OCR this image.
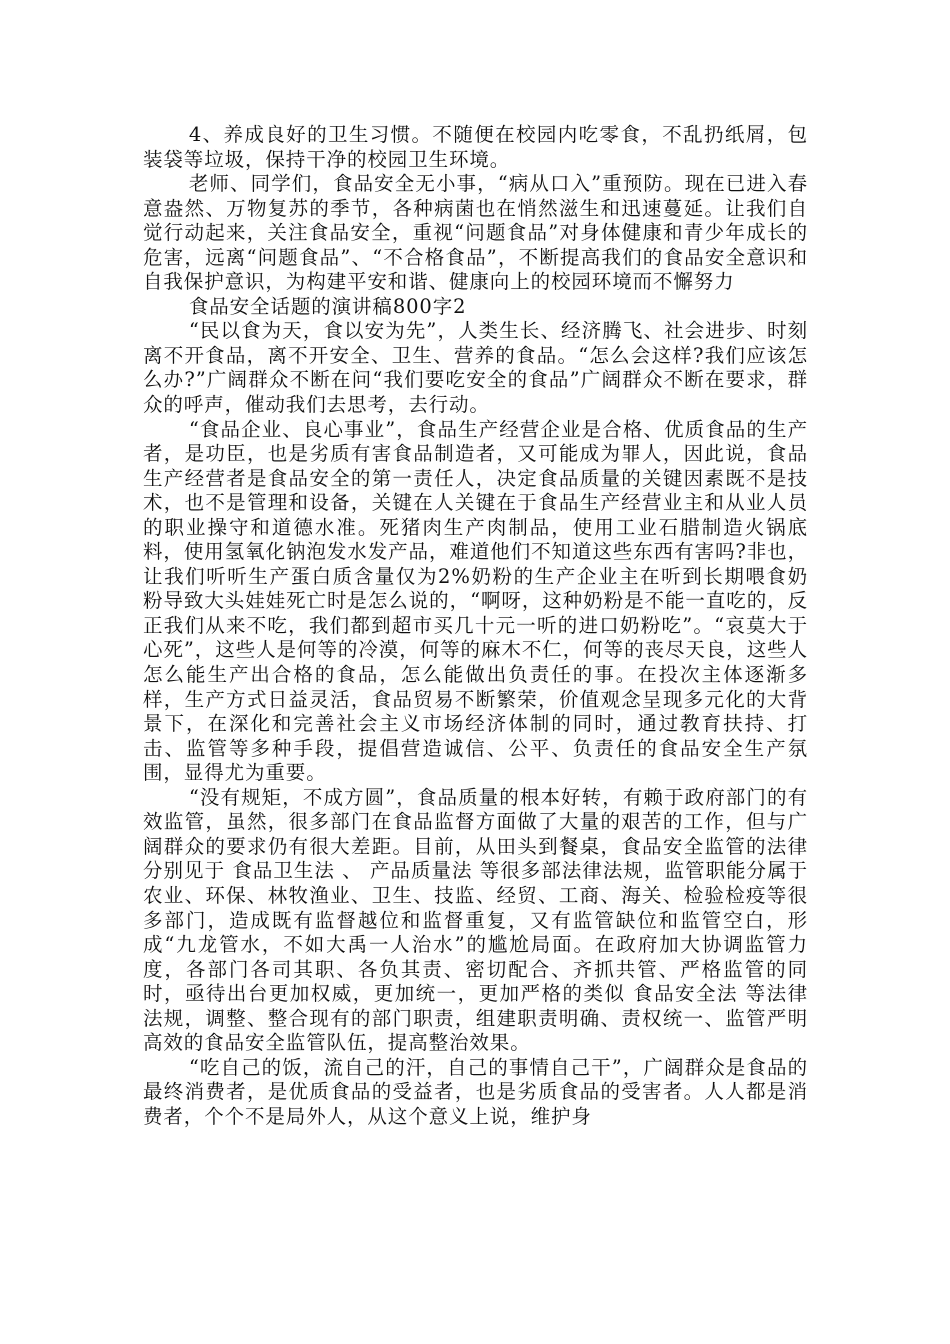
4、养成良好的卫生习惯。不随便在校园内吃零食，不乱扔纸屑，包装袋等垃圾，保持干净的校园卫生环境。

老师、同学们，食品安全无小事，“病从口入”重预防。现在已进入春意盎然、万物复苏的季节，各种病菌也在悄然滋生和迅速蔓延。让我们自觉行动起来，关注食品安全，重视“问题食品”对身体健康和青少年成长的危害，远离“问题食品”、“不合格食品”，不断提高我们的食品安全意识和自我保护意识，为构建平安和谐、健康向上的校园环境而不懈努力

食品安全话题的演讲稿800字2

“民以食为天，食以安为先”，人类生长、经济腾飞、社会进步、时刻离不开食品，离不开安全、卫生、营养的食品。“怎么会这样?我们应该怎么办?”广阔群众不断在问“我们要吃安全的食品”广阔群众不断在要求，群众的呼声，催动我们去思考，去行动。

“食品企业、良心事业”，食品生产经营企业是合格、优质食品的生产者，是功臣，也是劣质有害食品制造者，又可能成为罪人，因此说，食品生产经营者是食品安全的第一责任人，决定食品质量的关键因素既不是技术，也不是管理和设备，关键在人关键在于食品生产经营业主和从业人员的职业操守和道德水准。死猪肉生产肉制品，使用工业石腊制造火锅底料，使用氢氧化钠泡发水发产品，难道他们不知道这些东西有害吗?非也，让我们听听生产蛋白质含量仅为2%奶粉的生产企业主在听到长期喂食奶粉导致大头娃娃死亡时是怎么说的，“啊呀，这种奶粉是不能一直吃的，反正我们从来不吃，我们都到超市买几十元一听的进口奶粉吃”。“哀莫大于心死”，这些人是何等的冷漠，何等的麻木不仁，何等的丧尽天良，这些人怎么能生产出合格的食品，怎么能做出负责任的事。在投次主体逐渐多样，生产方式日益灵活，食品贸易不断繁荣，价值观念呈现多元化的大背景下，在深化和完善社会主义市场经济体制的同时，通过教育扶持、打击、监管等多种手段，提倡营造诚信、公平、负责任的食品安全生产氛围，显得尤为重要。

“没有规矩，不成方圆”，食品质量的根本好转，有赖于政府部门的有效监管，虽然，很多部门在食品监督方面做了大量的艰苦的工作，但与广阔群众的要求仍有很大差距。目前，从田头到餐桌，食品安全监管的法律分别见于 食品卫生法 、 产品质量法 等很多部法律法规，监管职能分属于农业、环保、林牧渔业、卫生、技监、经贸、工商、海关、检验检疫等很多部门，造成既有监督越位和监督重复，又有监管缺位和监管空白，形成“九龙管水，不如大禹一人治水”的尴尬局面。在政府加大协调监管力度，各部门各司其职、各负其责、密切配合、齐抓共管、严格监管的同时，亟待出台更加权威，更加统一，更加严格的类似 食品安全法 等法律法规，调整、整合现有的部门职责，组建职责明确、责权统一、监管严明高效的食品安全监管队伍，提高整治效果。

“吃自己的饭，流自己的汗，自己的事情自己干”，广阔群众是食品的最终消费者，是优质食品的受益者，也是劣质食品的受害者。人人都是消费者，个个不是局外人，从这个意义上说，维护身
